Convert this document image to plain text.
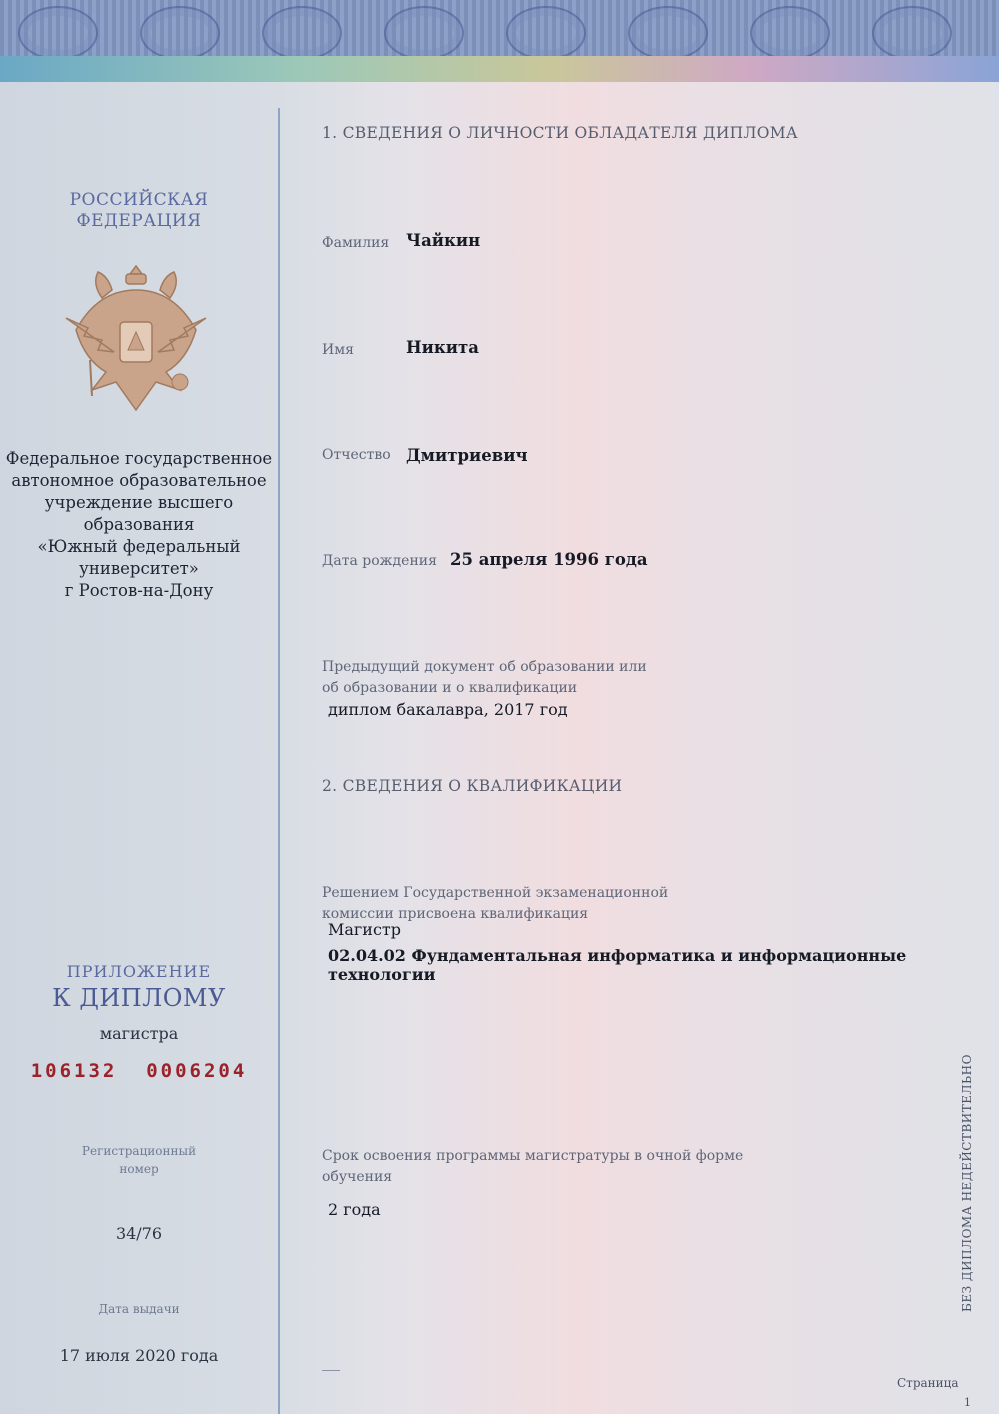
РОССИЙСКАЯ
ФЕДЕРАЦИЯ
Федеральное государственное
автономное образовательное
учреждение высшего образования
«Южный федеральный
университет»
г Ростов-на-Дону
ПРИЛОЖЕНИЕ
К ДИПЛОМУ
магистра
106132  0006204
Регистрационный
номер
34/76
Дата выдачи
17 июля 2020 года
1. СВЕДЕНИЯ О ЛИЧНОСТИ ОБЛАДАТЕЛЯ ДИПЛОМА
Фамилия Чайкин
Имя	Никита
Отчество Дмитриевич
Дата рождения 25 апреля 1996 года
Предыдущий документ об образовании или
об образовании и о квалификации
диплом бакалавра, 2017 год
2. СВЕДЕНИЯ О КВАЛИФИКАЦИИ
Решением Государственной экзаменационной
комиссии присвоена квалификация
Магистр
02.04.02 Фундаментальная информатика и информационные технологии
Срок освоения программы магистратуры в очной форме
обучения
2 года	БЕЗ ДИПЛОМА НЕДЕЙСТВИТЕЛЬНО
Страница
1
